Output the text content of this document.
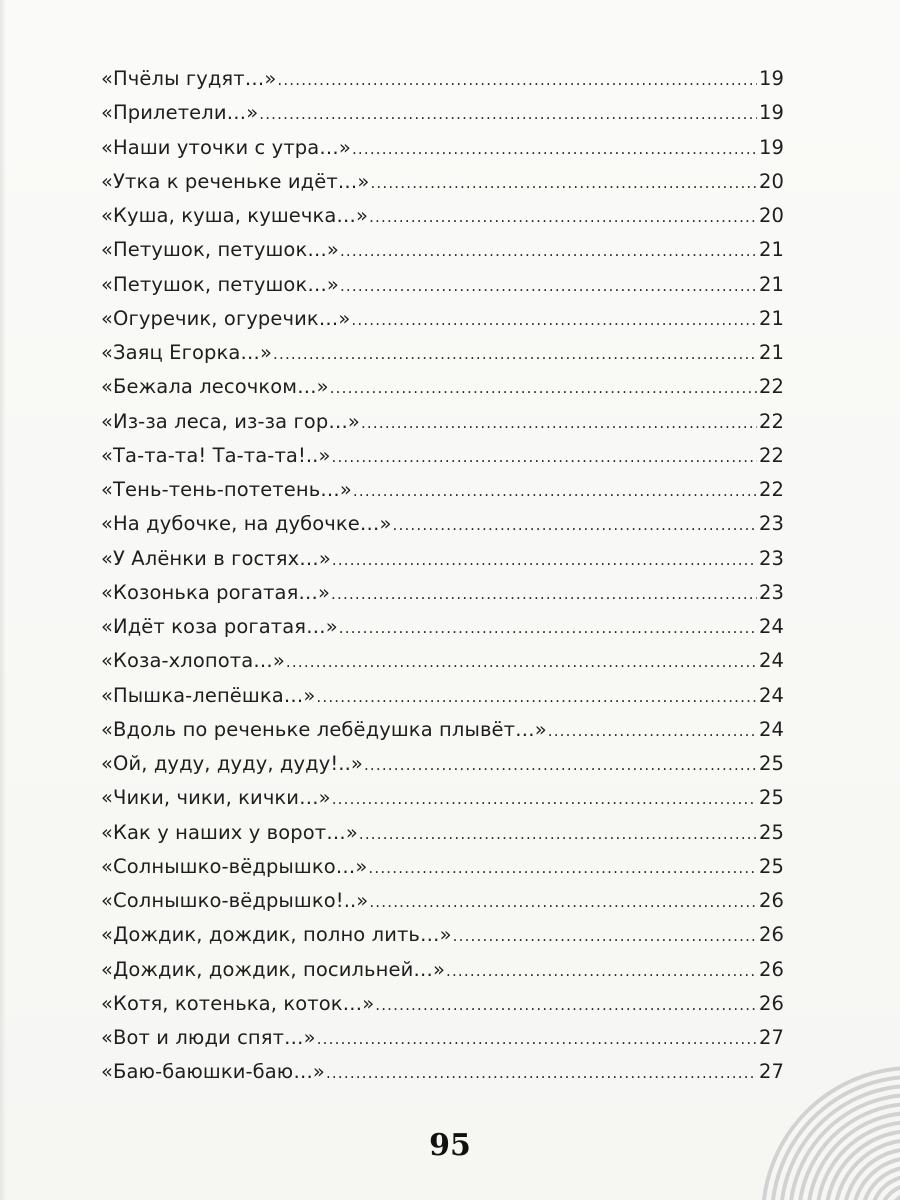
«Пчёлы гудят…» .....	19
«Прилетели…» .....	19
«Наши уточки с утра…» .....	19
«Утка к реченьке идёт…» .....	20
«Куша, куша, кушечка…» .....	20
«Петушок, петушок…» .....	21
«Петушок, петушок…» .....	21
«Огуречик, огуречик…» .....	21
«Заяц Егорка…» .....	21
«Бежала лесочком…» .....	22
«Из-за леса, из-за гор…» .....	22
«Та-та-та! Та-та-та!..» .....	22
«Тень-тень-потетень…» .....	22
«На дубочке, на дубочке…» .....	23
«У Алёнки в гостях…» .....	23
«Козонька рогатая…» .....	23
«Идёт коза рогатая…» .....	24
«Коза-хлопота…» .....	24
«Пышка-лепёшка…» .....	24
«Вдоль по реченьке лебёдушка плывёт…» .....	24
«Ой, дуду, дуду, дуду!..» .....	25
«Чики, чики, кички…» .....	25
«Как у наших у ворот…» .....	25
«Солнышко-вёдрышко…» .....	25
«Солнышко-вёдрышко!..» .....	26
«Дождик, дождик, полно лить…» .....	26
«Дождик, дождик, посильней…» .....	26
«Котя, котенька, коток…» .....	26
«Вот и люди спят…» .....	27
«Баю-баюшки-баю…» .....	27
95
